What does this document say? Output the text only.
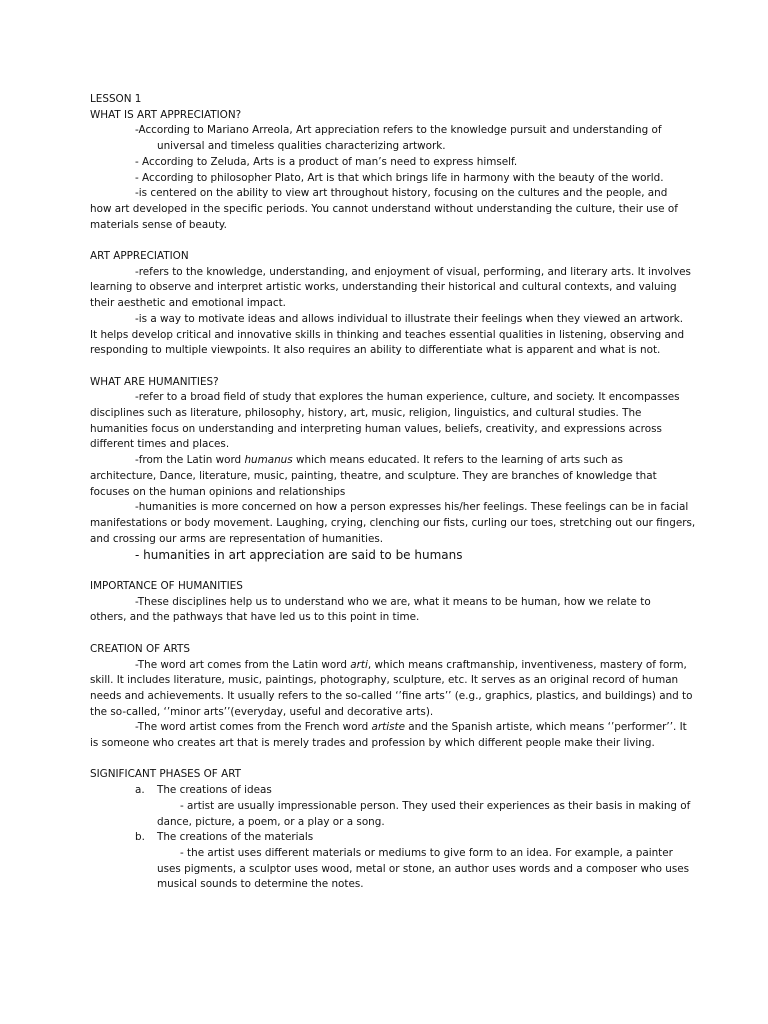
LESSON 1
WHAT IS ART APPRECIATION?
-According to Mariano Arreola, Art appreciation refers to the knowledge pursuit and understanding of
universal and timeless qualities characterizing artwork.
- According to Zeluda, Arts is a product of man’s need to express himself.
- According to philosopher Plato, Art is that which brings life in harmony with the beauty of the world.
-is centered on the ability to view art throughout history, focusing on the cultures and the people, and
how art developed in the specific periods. You cannot understand without understanding the culture, their use of
materials sense of beauty.
ART APPRECIATION
-refers to the knowledge, understanding, and enjoyment of visual, performing, and literary arts. It involves
learning to observe and interpret artistic works, understanding their historical and cultural contexts, and valuing
their aesthetic and emotional impact.
-is a way to motivate ideas and allows individual to illustrate their feelings when they viewed an artwork.
It helps develop critical and innovative skills in thinking and teaches essential qualities in listening, observing and
responding to multiple viewpoints. It also requires an ability to differentiate what is apparent and what is not.
WHAT ARE HUMANITIES?
-refer to a broad field of study that explores the human experience, culture, and society. It encompasses
disciplines such as literature, philosophy, history, art, music, religion, linguistics, and cultural studies. The
humanities focus on understanding and interpreting human values, beliefs, creativity, and expressions across
different times and places.
-from the Latin word humanus which means educated. It refers to the learning of arts such as
architecture, Dance, literature, music, painting, theatre, and sculpture. They are branches of knowledge that
focuses on the human opinions and relationships
-humanities is more concerned on how a person expresses his/her feelings. These feelings can be in facial
manifestations or body movement. Laughing, crying, clenching our fists, curling our toes, stretching out our fingers,
and crossing our arms are representation of humanities.
- humanities in art appreciation are said to be humans
IMPORTANCE OF HUMANITIES
-These disciplines help us to understand who we are, what it means to be human, how we relate to
others, and the pathways that have led us to this point in time.
CREATION OF ARTS
-The word art comes from the Latin word arti, which means craftmanship, inventiveness, mastery of form,
skill. It includes literature, music, paintings, photography, sculpture, etc. It serves as an original record of human
needs and achievements. It usually refers to the so-called ‘’fine arts’’ (e.g., graphics, plastics, and buildings) and to
the so-called, ‘’minor arts’’(everyday, useful and decorative arts).
-The word artist comes from the French word artiste and the Spanish artiste, which means ‘’performer’’. It
is someone who creates art that is merely trades and profession by which different people make their living.
SIGNIFICANT PHASES OF ART
a. The creations of ideas
- artist are usually impressionable person. They used their experiences as their basis in making of
dance, picture, a poem, or a play or a song.
b. The creations of the materials
- the artist uses different materials or mediums to give form to an idea. For example, a painter
uses pigments, a sculptor uses wood, metal or stone, an author uses words and a composer who uses
musical sounds to determine the notes.
